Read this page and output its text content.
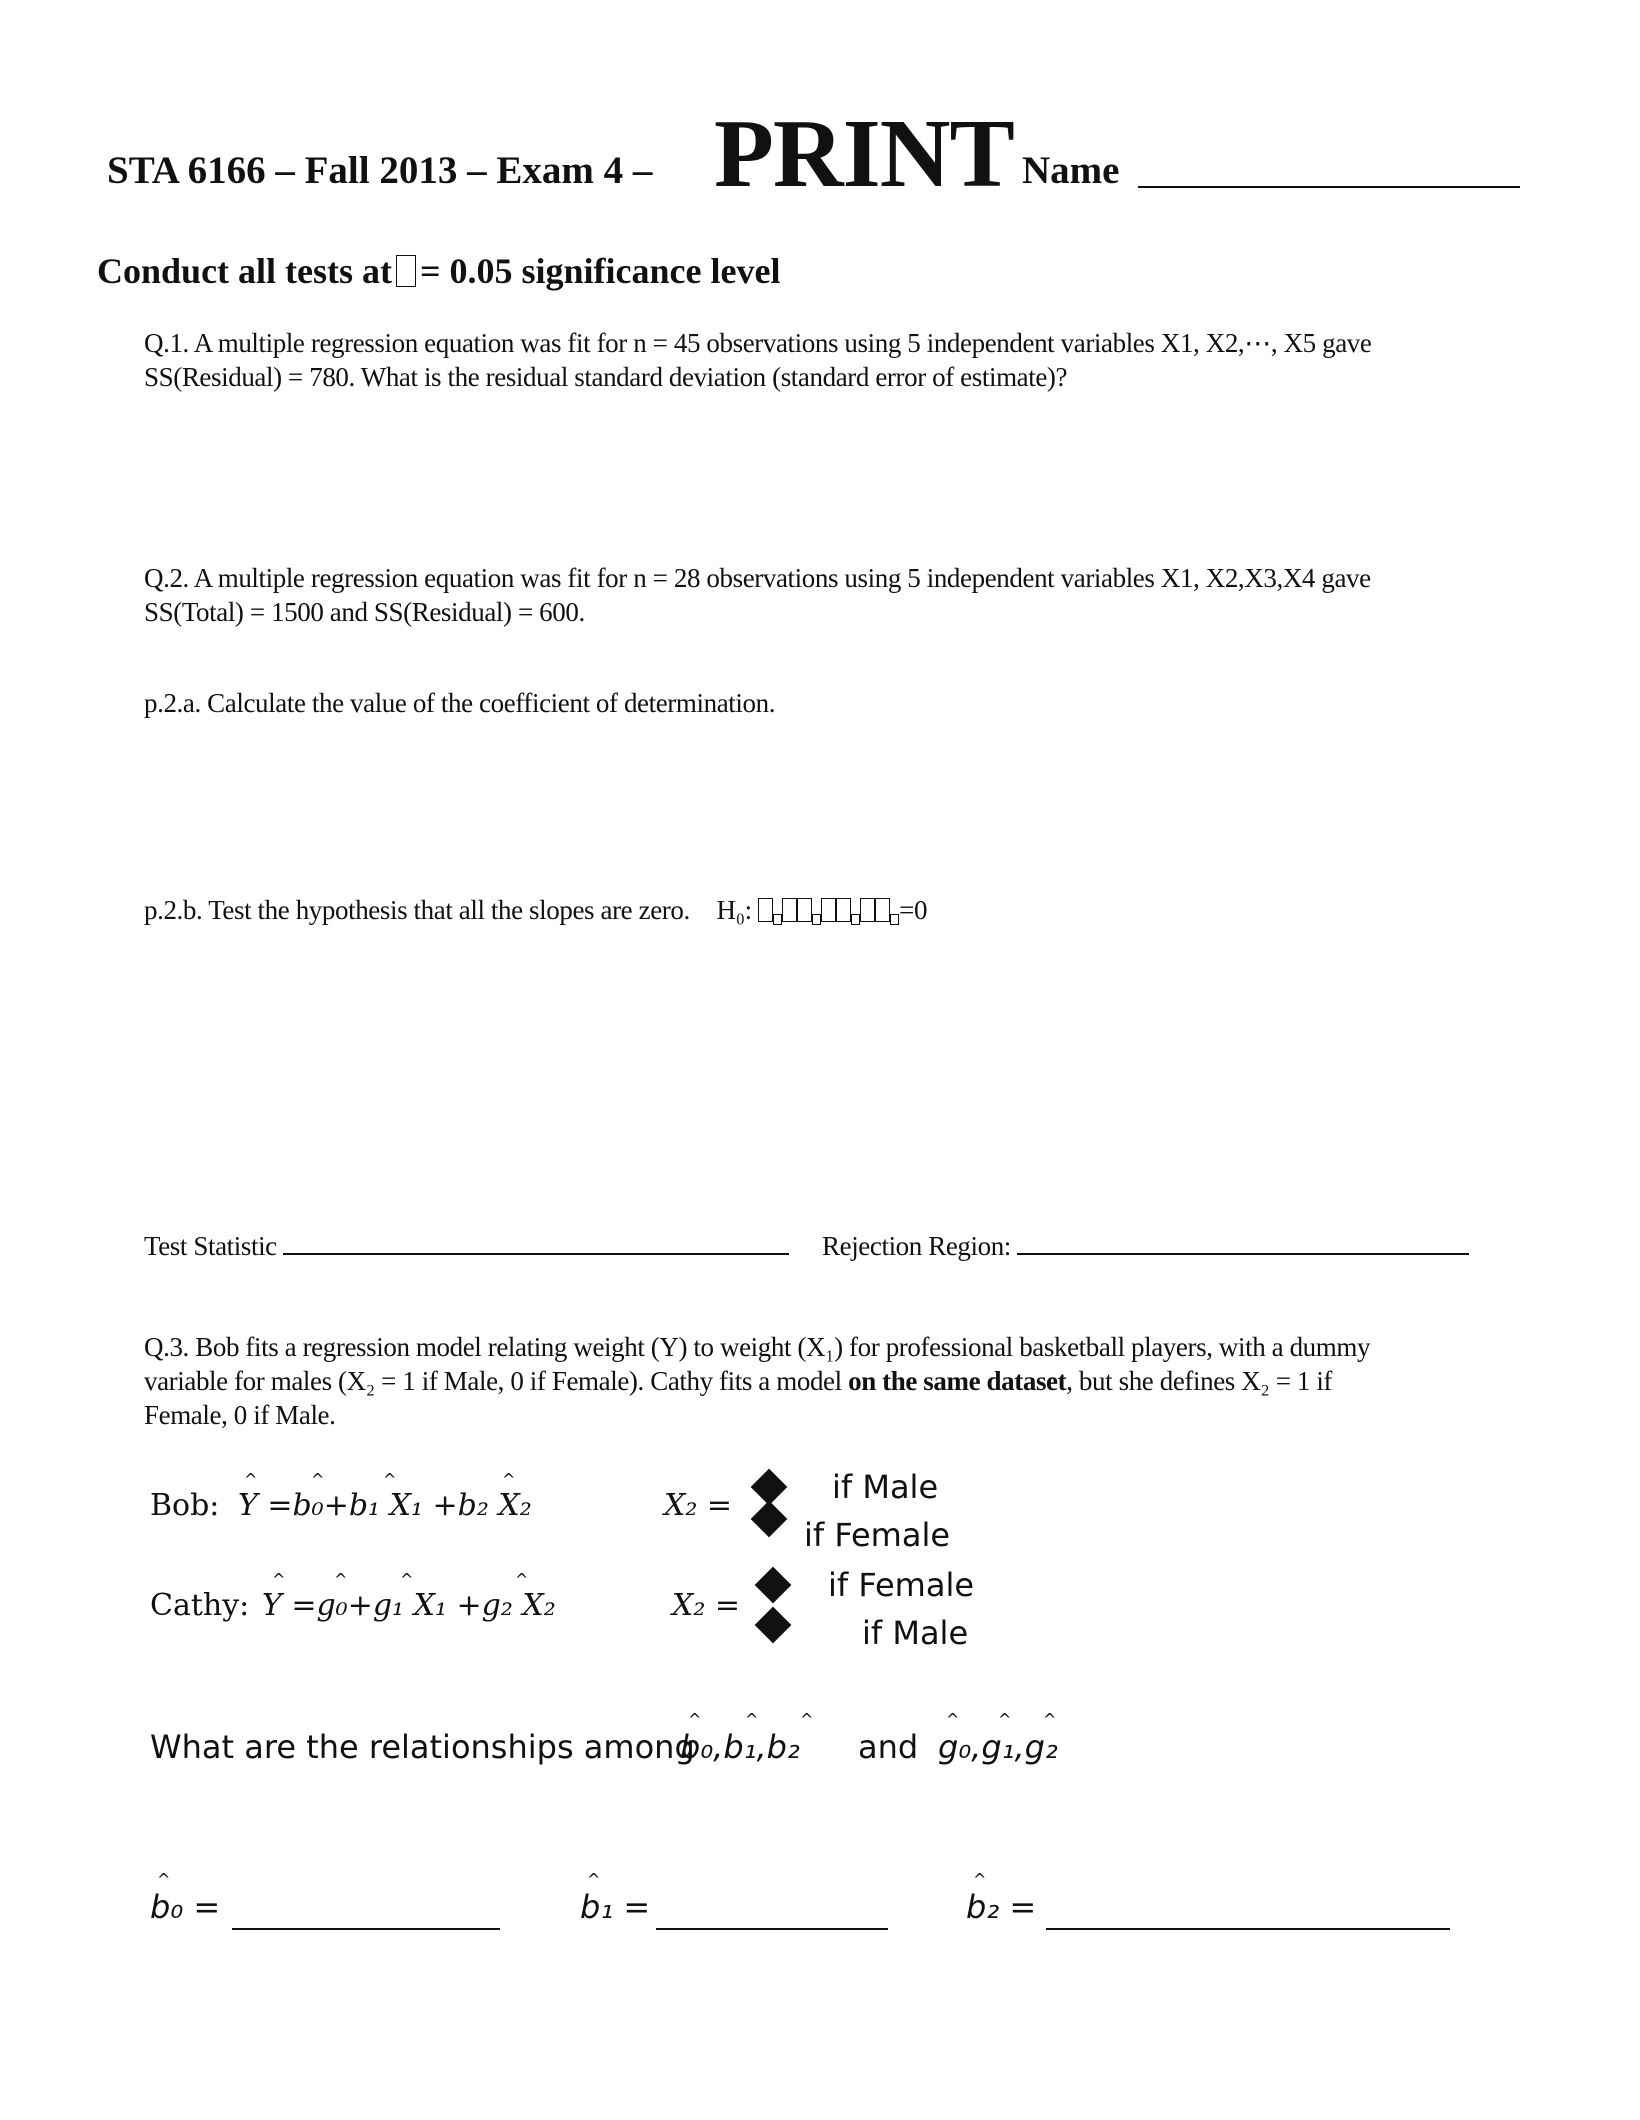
STA 6166 – Fall 2013 – Exam 4 – PRINT Name
Conduct all tests at = 0.05 significance level
Q.1. A multiple regression equation was fit for n = 45 observations using 5 independent variables X1, X2,⋯, X5 gave
SS(Residual) = 780. What is the residual standard deviation (standard error of estimate)?
Q.2. A multiple regression equation was fit for n = 28 observations using 5 independent variables X1, X2,X3,X4 gave
SS(Total) = 1500 and SS(Residual) = 600.
p.2.a. Calculate the value of the coefficient of determination.
p.2.b. Test the hypothesis that all the slopes are zero. H₀:	=0
Test Statistic	Rejection Region:
Q.3. Bob fits a regression model relating weight (Y) to weight (X₁) for professional basketball players, with a dummy
variable for males (X₂ = 1 if Male, 0 if Female). Cathy fits a model on the same dataset, but she defines X₂ = 1 if
Female, 0 if Male.
Bob: Y =b₀+b₁ X₁ +b₂ X₂
^	^	^	^
X₂ =	if Male
if Female
Cathy: Y =g₀+g₁ X₁ +g₂ X₂
^	^	^	^
X₂ =
if Female
if Male
What are the relationships among
b₀,b₁,b₂
^	^	^
and g₀,g₁,g₂
^ ^ ^
b₀ =
^
b₁ =
^
b₂ =
^
